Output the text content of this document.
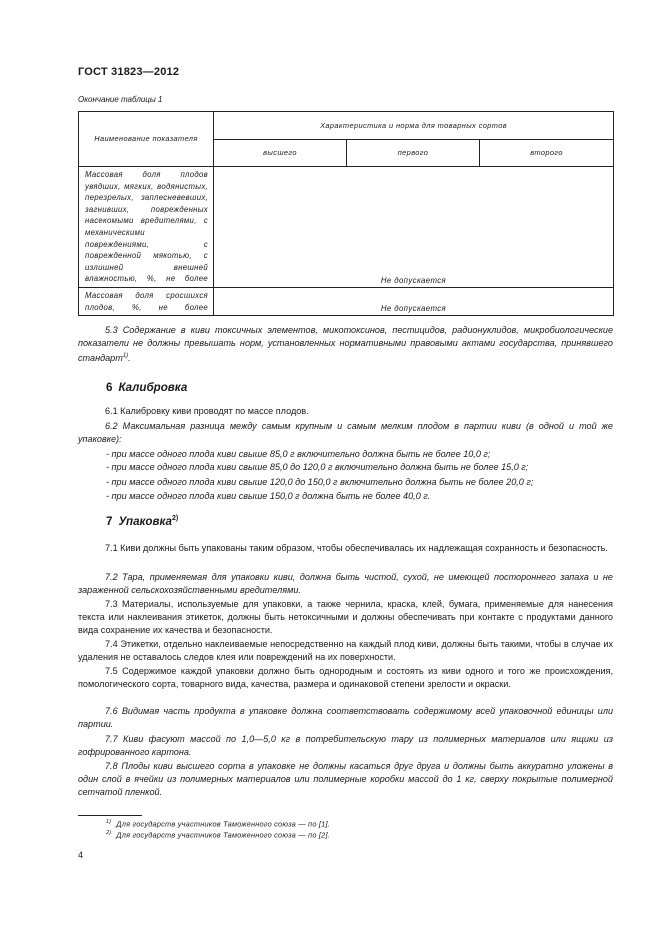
ГОСТ 31823—2012
Окончание таблицы 1
Наименование показателя	Характеристика и норма для товарных сортов		
	высшего	первого	второго
Массовая доля плодов увядших, мягких, водянистых, перезрелых, заплесневевших, загнивших, поврежденных насекомыми вредителями, с механическими повреждениями, с поврежденной мякотью, с излишней внешней влажностью, %, не более	Не допускается		
Массовая доля сросшихся плодов, %, не более	Не допускается		
5.3 Содержание в киви токсичных элементов, микотоксинов, пестицидов, радионуклидов, микробиологические показатели не должны превышать норм, установленных нормативными правовыми актами государства, принявшего стандарт$^{1)}$.
6 Калибровка
6.1 Калибровку киви проводят по массе плодов.
6.2 Максимальная разница между самым крупным и самым мелким плодом в партии киви (в одной и той же упаковке):
- при массе одного плода киви свыше 85,0 г включительно должна быть не более 10,0 г;
- при массе одного плода киви свыше 85,0 до 120,0 г включительно должна быть не более 15,0 г;
- при массе одного плода киви свыше 120,0 до 150,0 г включительно должна быть не более 20,0 г;
- при массе одного плода киви свыше 150,0 г должна быть не более 40,0 г.
7 Упаковка$^{2)}$
7.1 Киви должны быть упакованы таким образом, чтобы обеспечивалась их надлежащая сохранность и безопасность.
7.2 Тара, применяемая для упаковки киви, должна быть чистой, сухой, не имеющей постороннего запаха и не зараженной сельскохозяйственными вредителями.
7.3 Материалы, используемые для упаковки, а также чернила, краска, клей, бумага, применяемые для нанесения текста или наклеивания этикеток, должны быть нетоксичными и должны обеспечивать при контакте с продуктами данного вида сохранение их качества и безопасности.
7.4 Этикетки, отдельно наклеиваемые непосредственно на каждый плод киви, должны быть такими, чтобы в случае их удаления не оставалось следов клея или повреждений на их поверхности.
7.5 Содержимое каждой упаковки должно быть однородным и состоять из киви одного и того же происхождения, помологического сорта, товарного вида, качества, размера и одинаковой степени зрелости и окраски.
7.6 Видимая часть продукта в упаковке должна соответствовать содержимому всей упаковочной единицы или партии.
7.7 Киви фасуют массой по 1,0—5,0 кг в потребительскую тару из полимерных материалов или ящики из гофрированного картона.
7.8 Плоды киви высшего сорта в упаковке не должны касаться друг друга и должны быть аккуратно уложены в один слой в ячейки из полимерных материалов или полимерные коробки массой до 1 кг, сверху покрытые полимерной сетчатой пленкой.
$^{1)}$ Для государств участников Таможенного союза — по [1].
$^{2)}$ Для государств участников Таможенного союза — по [2].
4
